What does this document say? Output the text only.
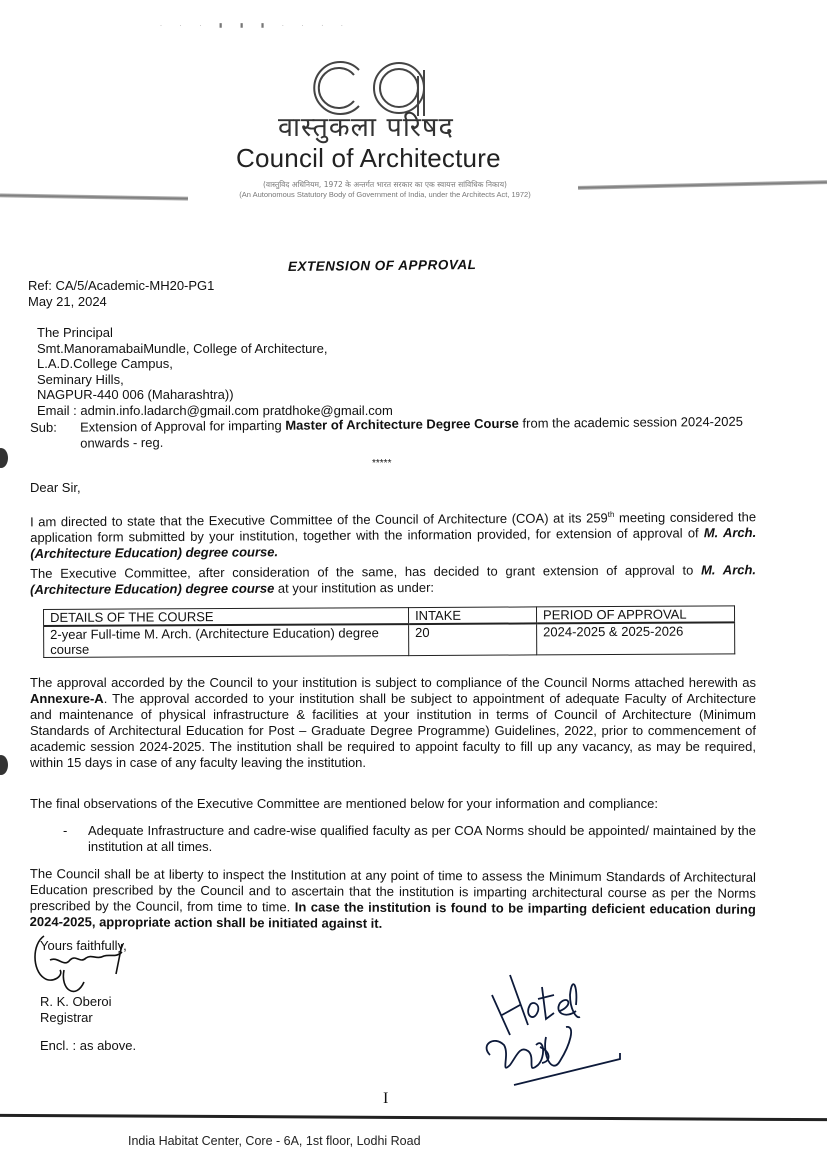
· · · ▮ ▮ ▮ · · · ·
वास्तुकला परिषद
Council of Architecture
(वास्तुविद अधिनियम, 1972 के अन्तर्गत भारत सरकार का एक स्वायत्त सांविधिक निकाय)
(An Autonomous Statutory Body of Government of India, under the Architects Act, 1972)
EXTENSION OF APPROVAL
Ref: CA/5/Academic-MH20-PG1
May 21, 2024
The Principal
Smt.ManoramabaiMundle, College of Architecture,
L.A.D.College Campus,
Seminary Hills,
NAGPUR-440 006 (Maharashtra))
Email : admin.info.ladarch@gmail.com pratdhoke@gmail.com
Sub: Extension of Approval for imparting Master of Architecture Degree Course from the academic session 2024-2025 onwards - reg.
*****
Dear Sir,
I am directed to state that the Executive Committee of the Council of Architecture (COA) at its 259th meeting considered the application form submitted by your institution, together with the information provided, for extension of approval of M. Arch. (Architecture Education) degree course.
The Executive Committee, after consideration of the same, has decided to grant extension of approval to M. Arch. (Architecture Education) degree course at your institution as under:
DETAILS OF THE COURSE	INTAKE	PERIOD OF APPROVAL
2-year Full-time M. Arch. (Architecture Education) degree course	20	2024-2025 & 2025-2026
The approval accorded by the Council to your institution is subject to compliance of the Council Norms attached herewith as Annexure-A. The approval accorded to your institution shall be subject to appointment of adequate Faculty of Architecture and maintenance of physical infrastructure & facilities at your institution in terms of Council of Architecture (Minimum Standards of Architectural Education for Post – Graduate Degree Programme) Guidelines, 2022, prior to commencement of academic session 2024-2025. The institution shall be required to appoint faculty to fill up any vacancy, as may be required, within 15 days in case of any faculty leaving the institution.
The final observations of the Executive Committee are mentioned below for your information and compliance:
- Adequate Infrastructure and cadre-wise qualified faculty as per COA Norms should be appointed/ maintained by the institution at all times.
The Council shall be at liberty to inspect the Institution at any point of time to assess the Minimum Standards of Architectural Education prescribed by the Council and to ascertain that the institution is imparting architectural course as per the Norms prescribed by the Council, from time to time. In case the institution is found to be imparting deficient education during 2024-2025, appropriate action shall be initiated against it.
Yours faithfully,
R. K. Oberoi
Registrar
Encl. : as above.
I
India Habitat Center, Core - 6A, 1st floor, Lodhi Road
